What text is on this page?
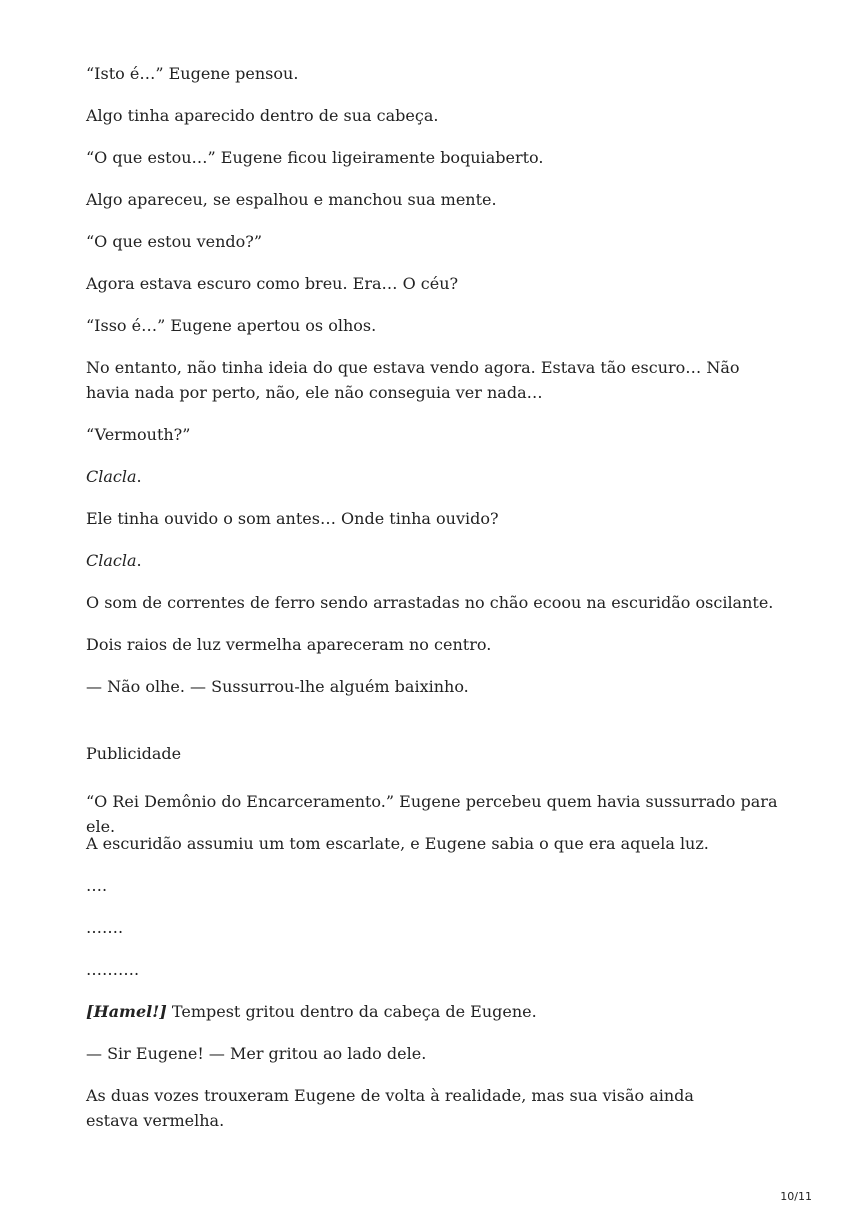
“Isto é…” Eugene pensou.

Algo tinha aparecido dentro de sua cabeça.

“O que estou…” Eugene ficou ligeiramente boquiaberto.

Algo apareceu, se espalhou e manchou sua mente.

“O que estou vendo?”

Agora estava escuro como breu. Era… O céu?

“Isso é…” Eugene apertou os olhos.

No entanto, não tinha ideia do que estava vendo agora. Estava tão escuro… Não havia nada por perto, não, ele não conseguia ver nada…

“Vermouth?”

Clacla.

Ele tinha ouvido o som antes… Onde tinha ouvido?

Clacla.

O som de correntes de ferro sendo arrastadas no chão ecoou na escuridão oscilante.

Dois raios de luz vermelha apareceram no centro.

— Não olhe. — Sussurrou-lhe alguém baixinho.

Publicidade

“O Rei Demônio do Encarceramento.” Eugene percebeu quem havia sussurrado para ele.

A escuridão assumiu um tom escarlate, e Eugene sabia o que era aquela luz.

….

…….

……….

[Hamel!] Tempest gritou dentro da cabeça de Eugene.

— Sir Eugene! — Mer gritou ao lado dele.

As duas vozes trouxeram Eugene de volta à realidade, mas sua visão ainda estava vermelha.

10/11
